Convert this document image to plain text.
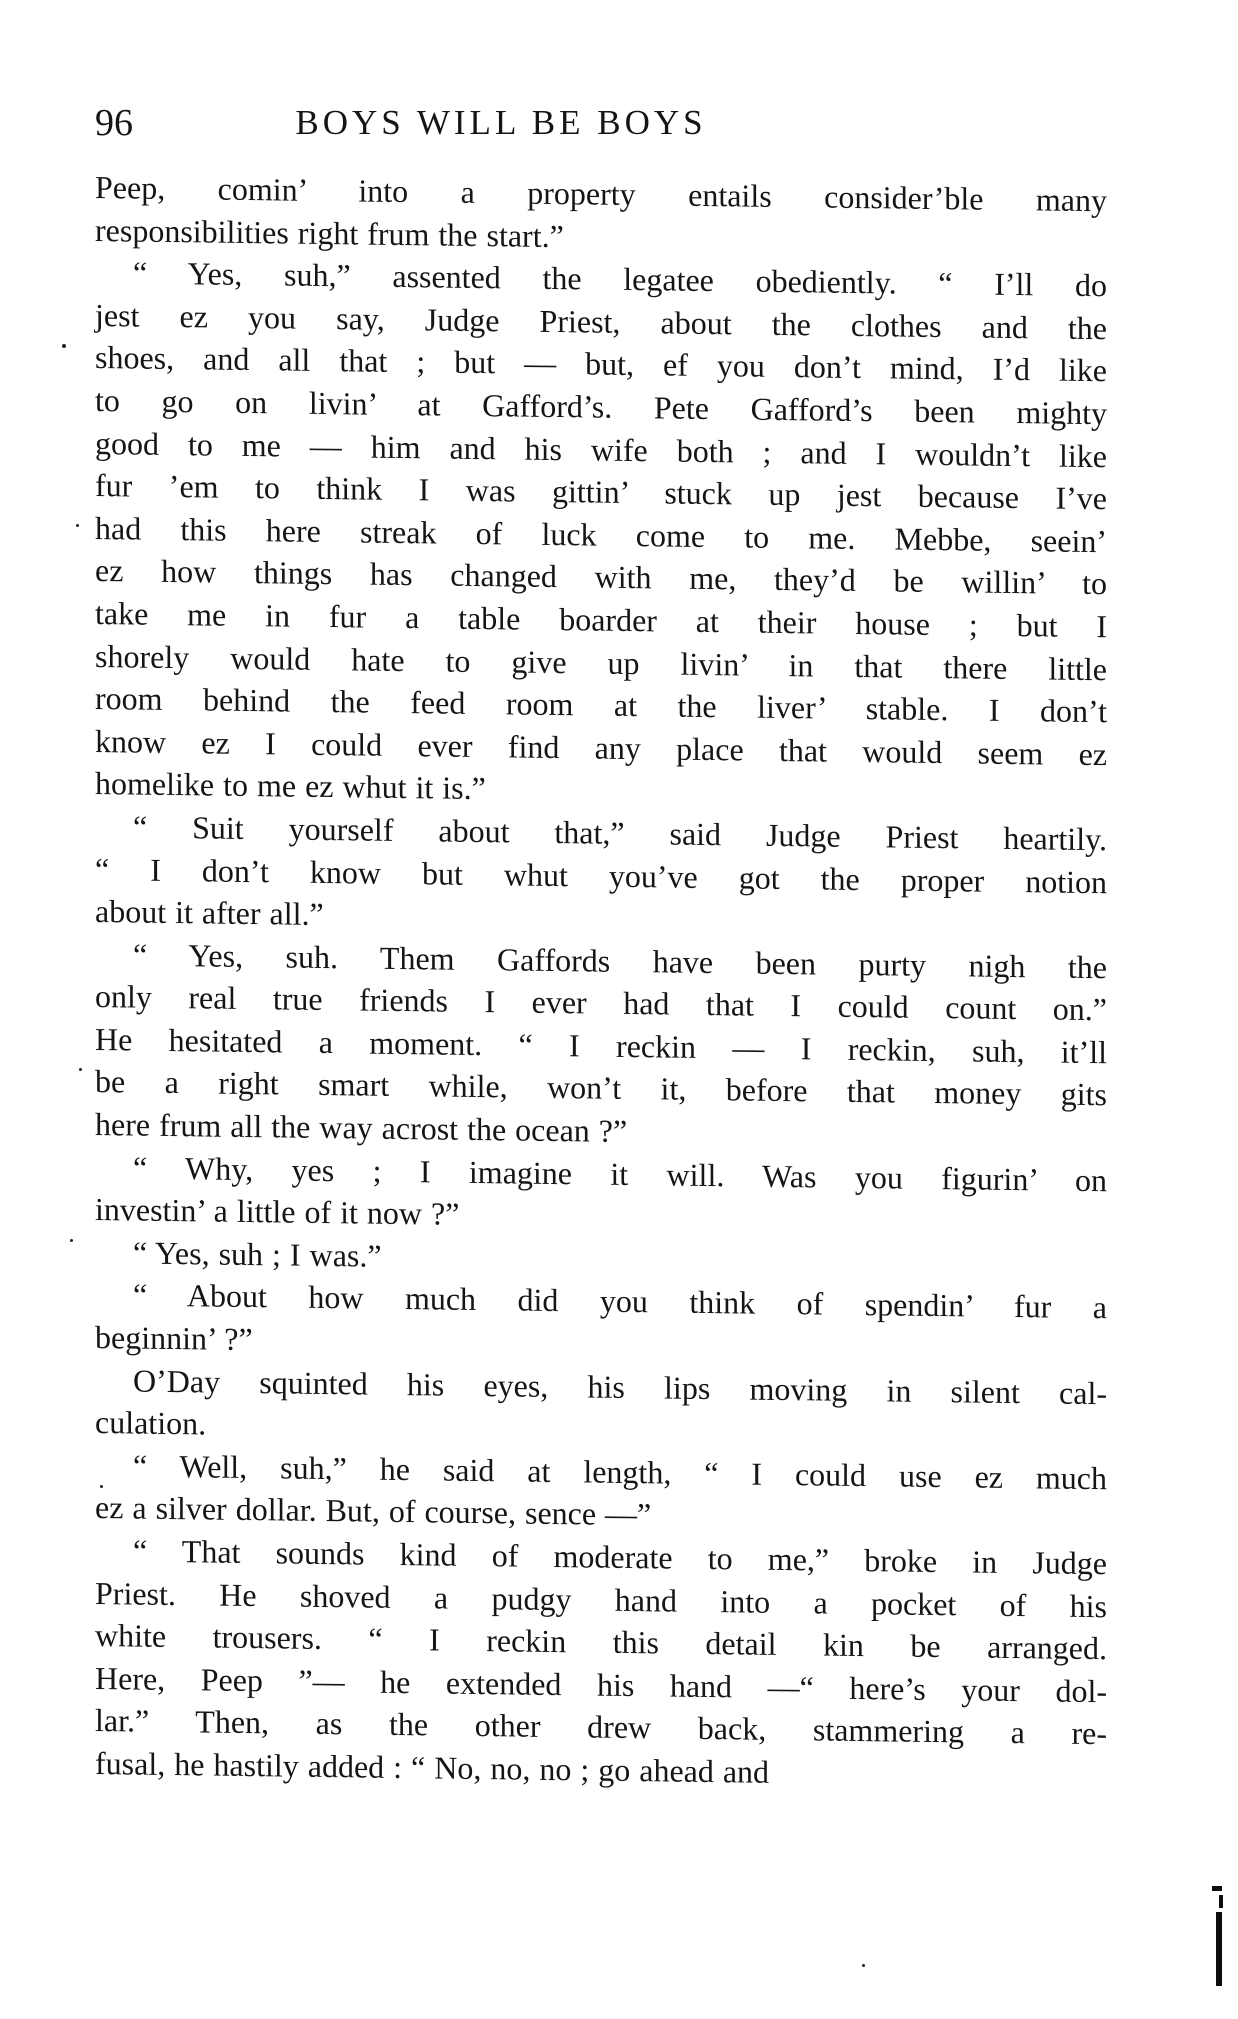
96	BOYS WILL BE BOYS
Peep, comin’ into a property entails consider’ble many
responsibilities right frum the start.”
“ Yes, suh,” assented the legatee obediently. “ I’ll do
jest ez you say, Judge Priest, about the clothes and the
shoes, and all that ; but — but, ef you don’t mind, I’d like
to go on livin’ at Gafford’s. Pete Gafford’s been mighty
good to me — him and his wife both ; and I wouldn’t like
fur ’em to think I was gittin’ stuck up jest because I’ve
had this here streak of luck come to me. Mebbe, seein’
ez how things has changed with me, they’d be willin’ to
take me in fur a table boarder at their house ; but I
shorely would hate to give up livin’ in that there little
room behind the feed room at the liver’ stable. I don’t
know ez I could ever find any place that would seem ez
homelike to me ez whut it is.”
“ Suit yourself about that,” said Judge Priest heartily.
“ I don’t know but whut you’ve got the proper notion
about it after all.”
“ Yes, suh. Them Gaffords have been purty nigh the
only real true friends I ever had that I could count on.”
He hesitated a moment. “ I reckin — I reckin, suh, it’ll
be a right smart while, won’t it, before that money gits
here frum all the way acrost the ocean ?”
“ Why, yes ; I imagine it will. Was you figurin’ on
investin’ a little of it now ?”
“ Yes, suh ; I was.”
“ About how much did you think of spendin’ fur a
beginnin’ ?”
O’Day squinted his eyes, his lips moving in silent cal-
culation.
“ Well, suh,” he said at length, “ I could use ez much
ez a silver dollar. But, of course, sence —”
“ That sounds kind of moderate to me,” broke in Judge
Priest. He shoved a pudgy hand into a pocket of his
white trousers. “ I reckin this detail kin be arranged.
Here, Peep ”— he extended his hand —“ here’s your dol-
lar.” Then, as the other drew back, stammering a re-
fusal, he hastily added : “ No, no, no ; go ahead and
